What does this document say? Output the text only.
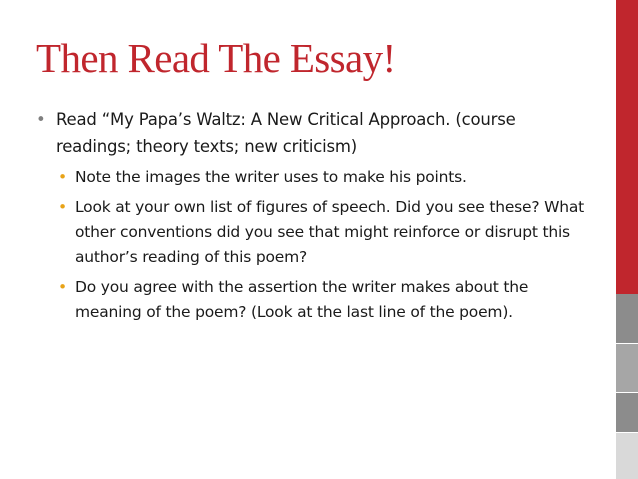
Then Read The Essay!
• Read “My Papa’s Waltz: A New Critical Approach. (course readings; theory texts; new criticism)
• Note the images the writer uses to make his points.
• Look at your own list of figures of speech. Did you see these? What other conventions did you see that might reinforce or disrupt this author’s reading of this poem?
• Do you agree with the assertion the writer makes about the meaning of the poem? (Look at the last line of the poem).
